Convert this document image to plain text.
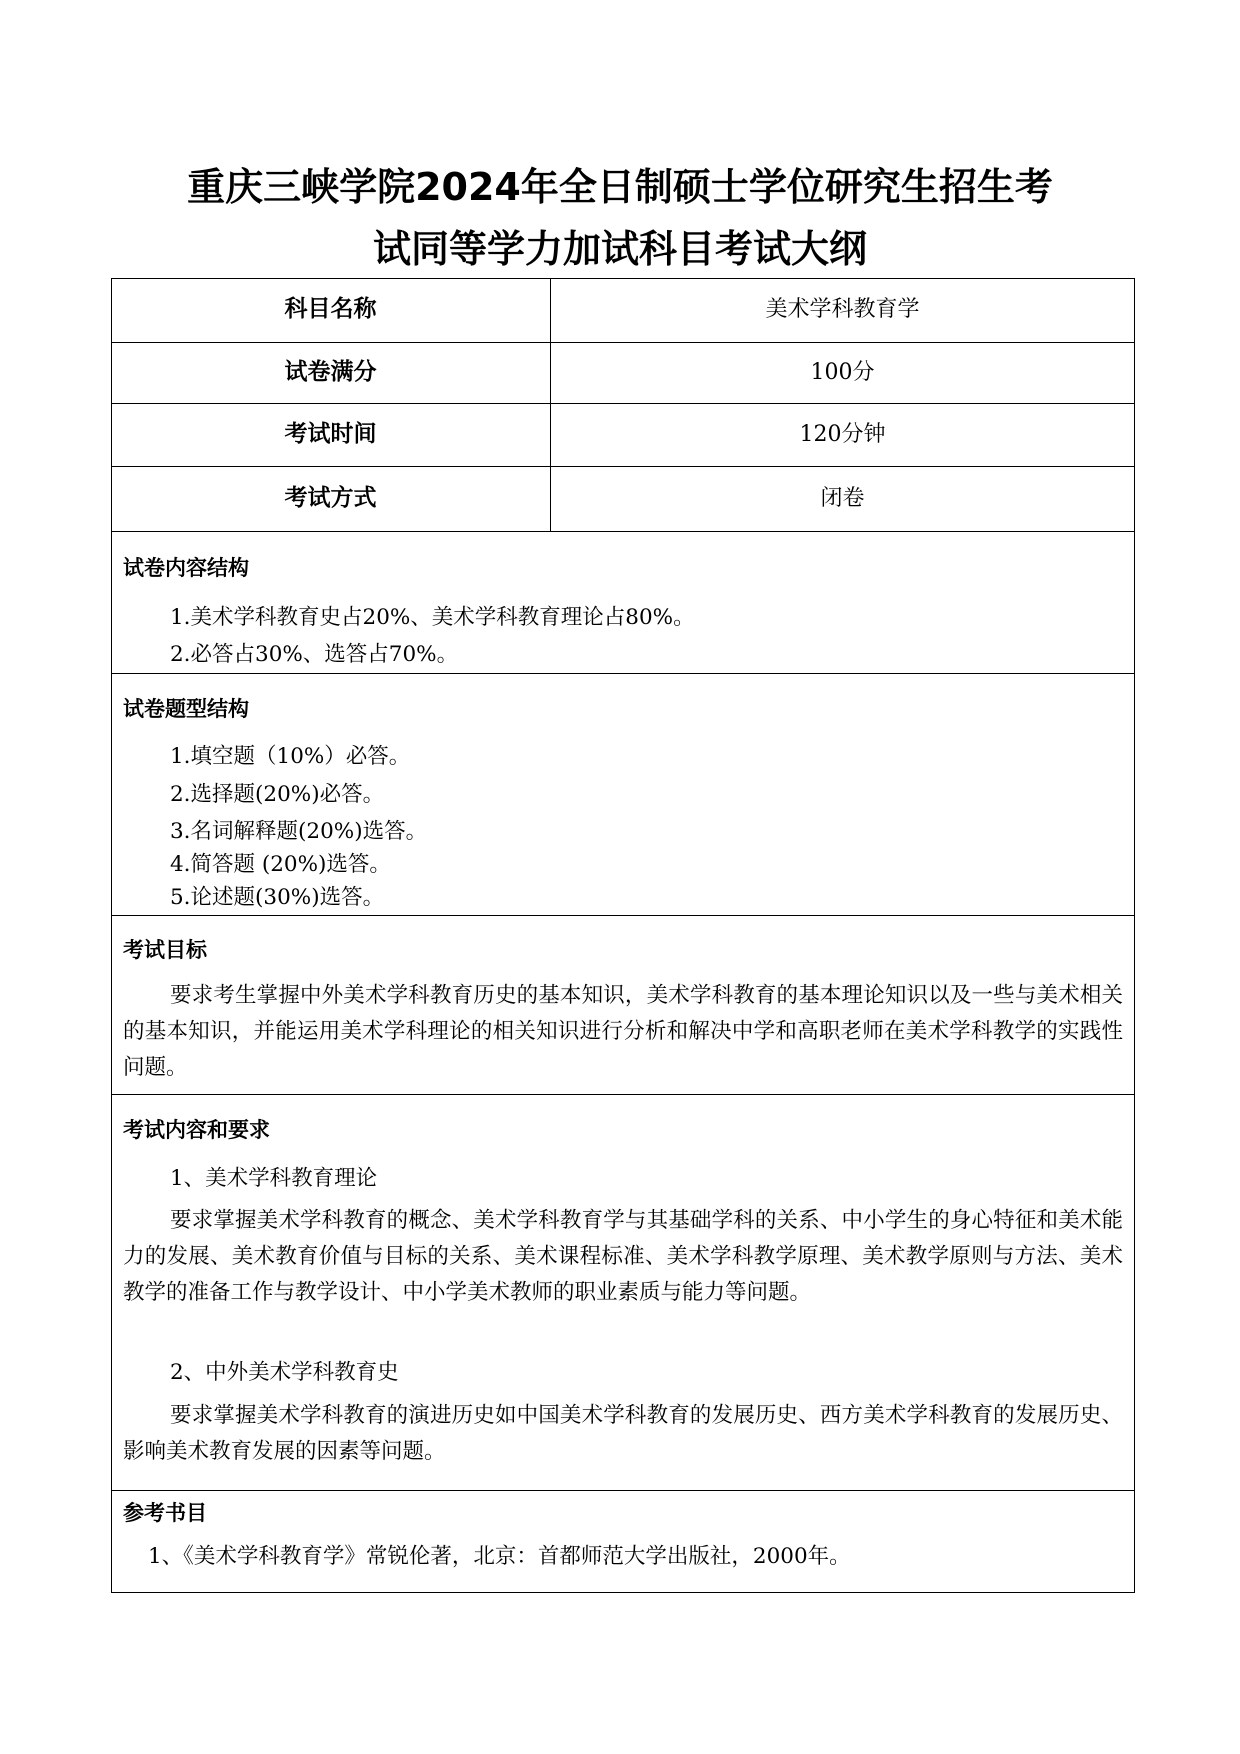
重庆三峡学院2024年全日制硕士学位研究生招生考
试同等学力加试科目考试大纲
科目名称	美术学科教育学
试卷满分	100分
考试时间	120分钟
考试方式	闭卷
试卷内容结构
1.美术学科教育史占20%、美术学科教育理论占80%。
2.必答占30%、选答占70%。
试卷题型结构
1.填空题（10%）必答。
2.选择题(20%)必答。
3.名词解释题(20%)选答。
4.简答题 (20%)选答。
5.论述题(30%)选答。
考试目标
要求考生掌握中外美术学科教育历史的基本知识，美术学科教育的基本理论知识以及一些与美术相关的基本知识，并能运用美术学科理论的相关知识进行分析和解决中学和高职老师在美术学科教学的实践性问题。
考试内容和要求
1、美术学科教育理论
要求掌握美术学科教育的概念、美术学科教育学与其基础学科的关系、中小学生的身心特征和美术能力的发展、美术教育价值与目标的关系、美术课程标准、美术学科教学原理、美术教学原则与方法、美术教学的准备工作与教学设计、中小学美术教师的职业素质与能力等问题。
2、中外美术学科教育史
要求掌握美术学科教育的演进历史如中国美术学科教育的发展历史、西方美术学科教育的发展历史、影响美术教育发展的因素等问题。
参考书目
1、《美术学科教育学》常锐伦著，北京：首都师范大学出版社，2000年。
